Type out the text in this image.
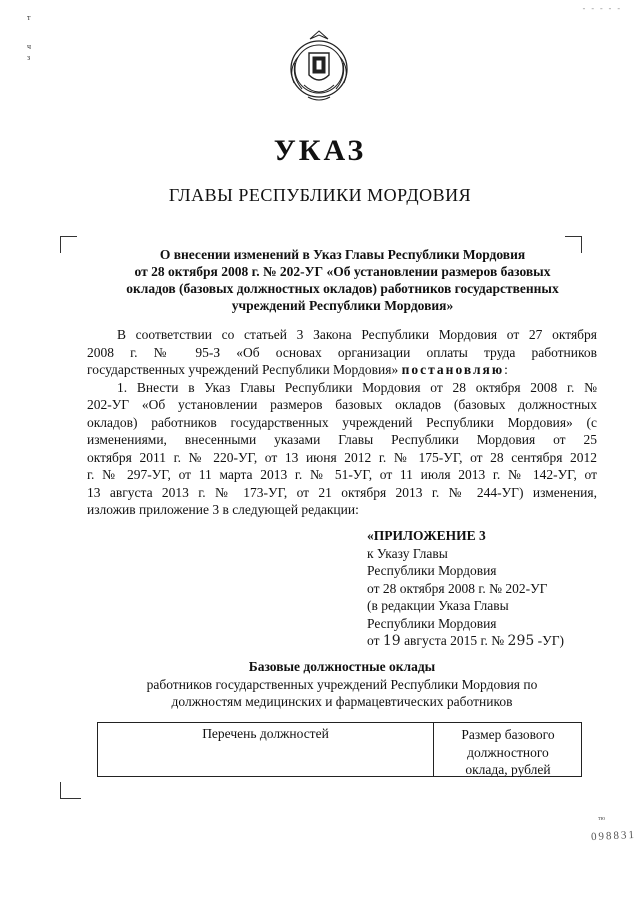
т
ч
з
- - - - -
УКАЗ
ГЛАВЫ РЕСПУБЛИКИ МОРДОВИЯ
О внесении изменений в Указ Главы Республики Мордовия
от 28 октября 2008 г. № 202-УГ «Об установлении размеров базовых
окладов (базовых должностных окладов) работников государственных
учреждений Республики Мордовия»
В соответствии со статьей 3 Закона Республики Мордовия от 27 октября
2008 г. № 95-З «Об основах организации оплаты труда работников
государственных учреждений Республики Мордовия» постановляю:
1. Внести в Указ Главы Республики Мордовия от 28 октября 2008 г. №
202-УГ «Об установлении размеров базовых окладов (базовых должностных
окладов) работников государственных учреждений Республики Мордовия» (с
изменениями, внесенными указами Главы Республики Мордовия от 25
октября 2011 г. № 220-УГ, от 13 июня 2012 г. № 175-УГ, от 28 сентября 2012
г. № 297-УГ, от 11 марта 2013 г. № 51-УГ, от 11 июля 2013 г. № 142-УГ, от
13 августа 2013 г. № 173-УГ, от 21 октября 2013 г. № 244-УГ) изменения,
изложив приложение 3 в следующей редакции:
«ПРИЛОЖЕНИЕ 3
к Указу Главы
Республики Мордовия
от 28 октября 2008 г. № 202-УГ
(в редакции Указа Главы
Республики Мордовия
от 19 августа 2015 г. № 295 -УГ)
Базовые должностные оклады
работников государственных учреждений Республики Мордовия по
должностям медицинских и фармацевтических работников
Перечень должностей	Размер базового
должностного
оклада, рублей
тю
098831
